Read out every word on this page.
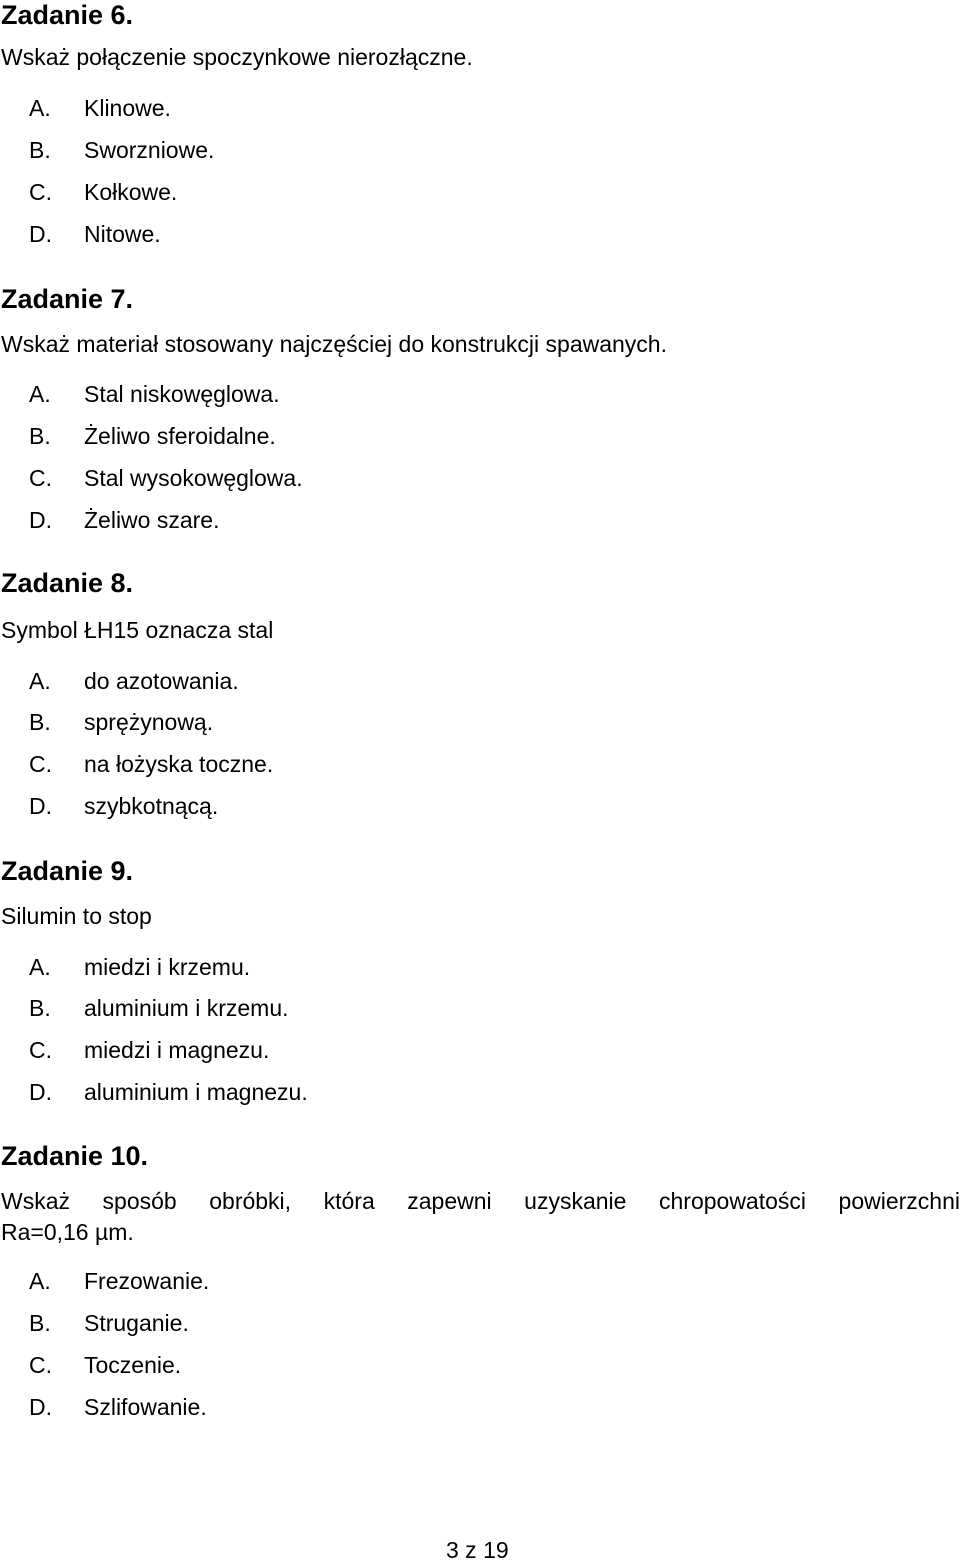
Zadanie 6.
Wskaż połączenie spoczynkowe nierozłączne.
A. Klinowe.
B. Sworzniowe.
C. Kołkowe.
D. Nitowe.
Zadanie 7.
Wskaż materiał stosowany najczęściej do konstrukcji spawanych.
A. Stal niskowęglowa.
B. Żeliwo sferoidalne.
C. Stal wysokowęglowa.
D. Żeliwo szare.
Zadanie 8.
Symbol ŁH15 oznacza stal
A. do azotowania.
B. sprężynową.
C. na łożyska toczne.
D. szybkotnącą.
Zadanie 9.
Silumin to stop
A. miedzi i krzemu.
B. aluminium i krzemu.
C. miedzi i magnezu.
D. aluminium i magnezu.
Zadanie 10.
Wskaż sposób obróbki, która zapewni uzyskanie chropowatości powierzchni
Ra=0,16 µm.
A. Frezowanie.
B. Struganie.
C. Toczenie.
D. Szlifowanie.
3 z 19
